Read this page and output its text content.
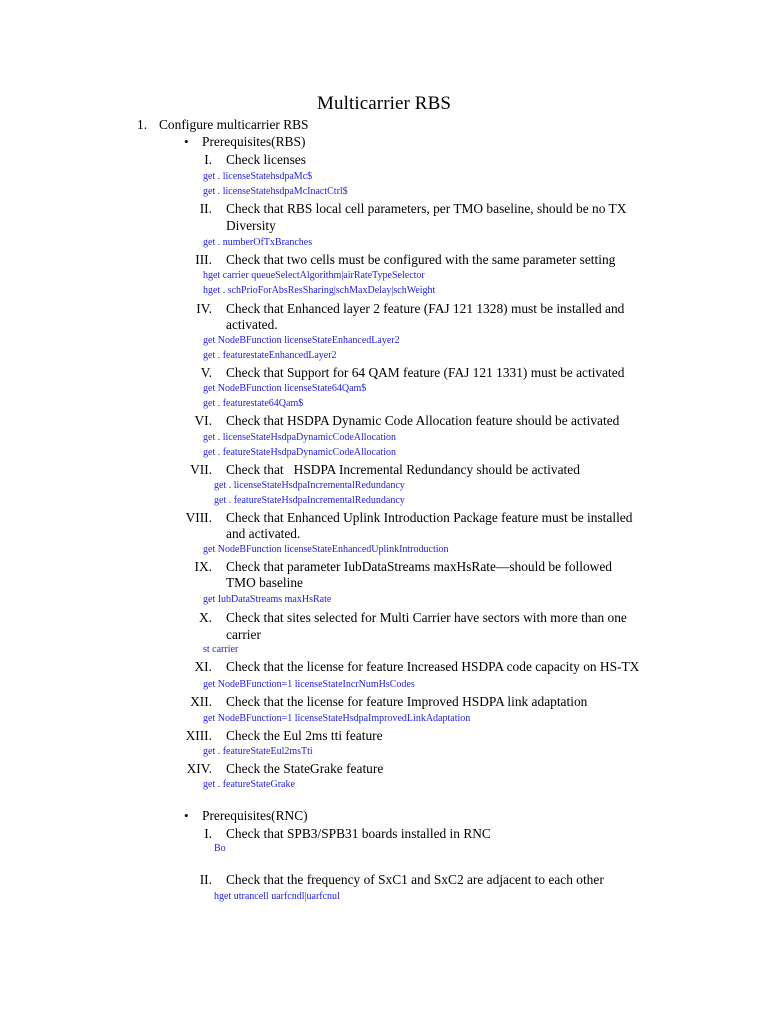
Multicarrier RBS
1. Configure multicarrier RBS
• Prerequisites(RBS)
I. Check licenses
get . licenseStatehsdpaMc$
get . licenseStatehsdpaMcInactCtrl$
II. Check that RBS local cell parameters, per TMO baseline, should be no TX
Diversity
get . numberOfTxBranches
III. Check that two cells must be configured with the same parameter setting
hget carrier queueSelectAlgorithm|airRateTypeSelector
hget . schPrioForAbsResSharing|schMaxDelay|schWeight
IV. Check that Enhanced layer 2 feature (FAJ 121 1328) must be installed and
activated.
get NodeBFunction licenseStateEnhancedLayer2
get . featurestateEnhancedLayer2
V. Check that Support for 64 QAM feature (FAJ 121 1331) must be activated
get NodeBFunction licenseState64Qam$
get . featurestate64Qam$
VI. Check that HSDPA Dynamic Code Allocation feature should be activated
get . licenseStateHsdpaDynamicCodeAllocation
get . featureStateHsdpaDynamicCodeAllocation
VII. Check that   HSDPA Incremental Redundancy should be activated
get . licenseStateHsdpaIncrementalRedundancy
get . featureStateHsdpaIncrementalRedundancy
VIII. Check that Enhanced Uplink Introduction Package feature must be installed
and activated.
get NodeBFunction licenseStateEnhancedUplinkIntroduction
IX. Check that parameter IubDataStreams maxHsRate—should be followed
TMO baseline
get IubDataStreams maxHsRate
X. Check that sites selected for Multi Carrier have sectors with more than one
carrier
st carrier
XI. Check that the license for feature Increased HSDPA code capacity on HS-TX
get NodeBFunction=1 licenseStateIncrNumHsCodes
XII. Check that the license for feature Improved HSDPA link adaptation
get NodeBFunction=1 licenseStateHsdpaImprovedLinkAdaptation
XIII. Check the Eul 2ms tti feature
get . featureStateEul2msTti
XIV. Check the StateGrake feature
get . featureStateGrake
• Prerequisites(RNC)
I. Check that SPB3/SPB31 boards installed in RNC
Bo
II. Check that the frequency of SxC1 and SxC2 are adjacent to each other
hget utrancell uarfcndl|uarfcnul
